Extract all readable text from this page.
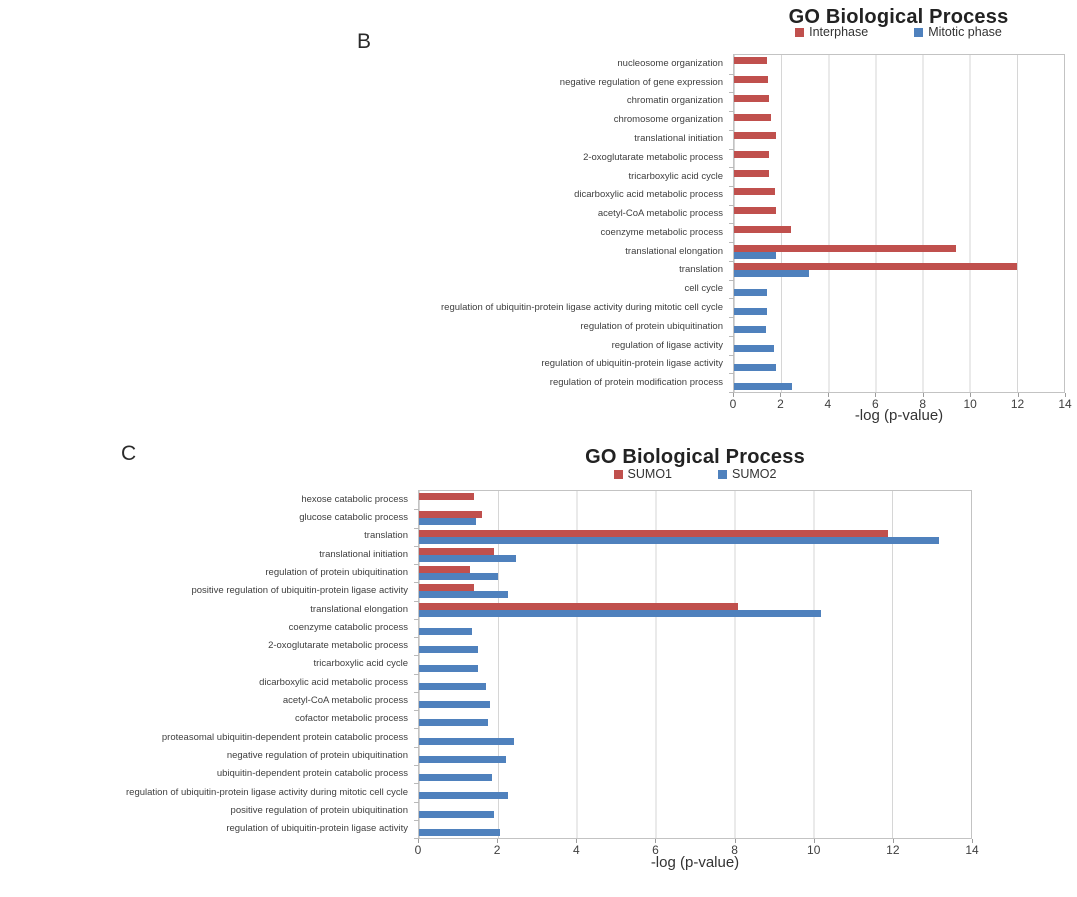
B
GO Biological Process
Interphase	Mitotic phase
nucleosome organization
negative regulation of gene expression
chromatin organization
chromosome organization
translational initiation
2-oxoglutarate metabolic process
tricarboxylic acid cycle
dicarboxylic acid metabolic process
acetyl-CoA metabolic process
coenzyme metabolic process
translational elongation
translation
cell cycle
regulation of ubiquitin-protein ligase activity during mitotic cell cycle
regulation of protein ubiquitination
regulation of ligase activity
regulation of ubiquitin-protein ligase activity
regulation of protein modification process
0	2	4	6	8	10	12	14
-log (p-value)
C	GO Biological Process
SUMO1	SUMO2
hexose catabolic process
glucose catabolic process
translation
translational initiation
regulation of protein ubiquitination
positive regulation of ubiquitin-protein ligase activity
translational elongation
coenzyme catabolic process
2-oxoglutarate metabolic process
tricarboxylic acid cycle
dicarboxylic acid metabolic process
acetyl-CoA metabolic process
cofactor metabolic process
proteasomal ubiquitin-dependent protein catabolic process
negative regulation of protein ubiquitination
ubiquitin-dependent protein catabolic process
regulation of ubiquitin-protein ligase activity during mitotic cell cycle
positive regulation of protein ubiquitination
regulation of ubiquitin-protein ligase activity
0	2	4	6	8	10	12	14
-log (p-value)
